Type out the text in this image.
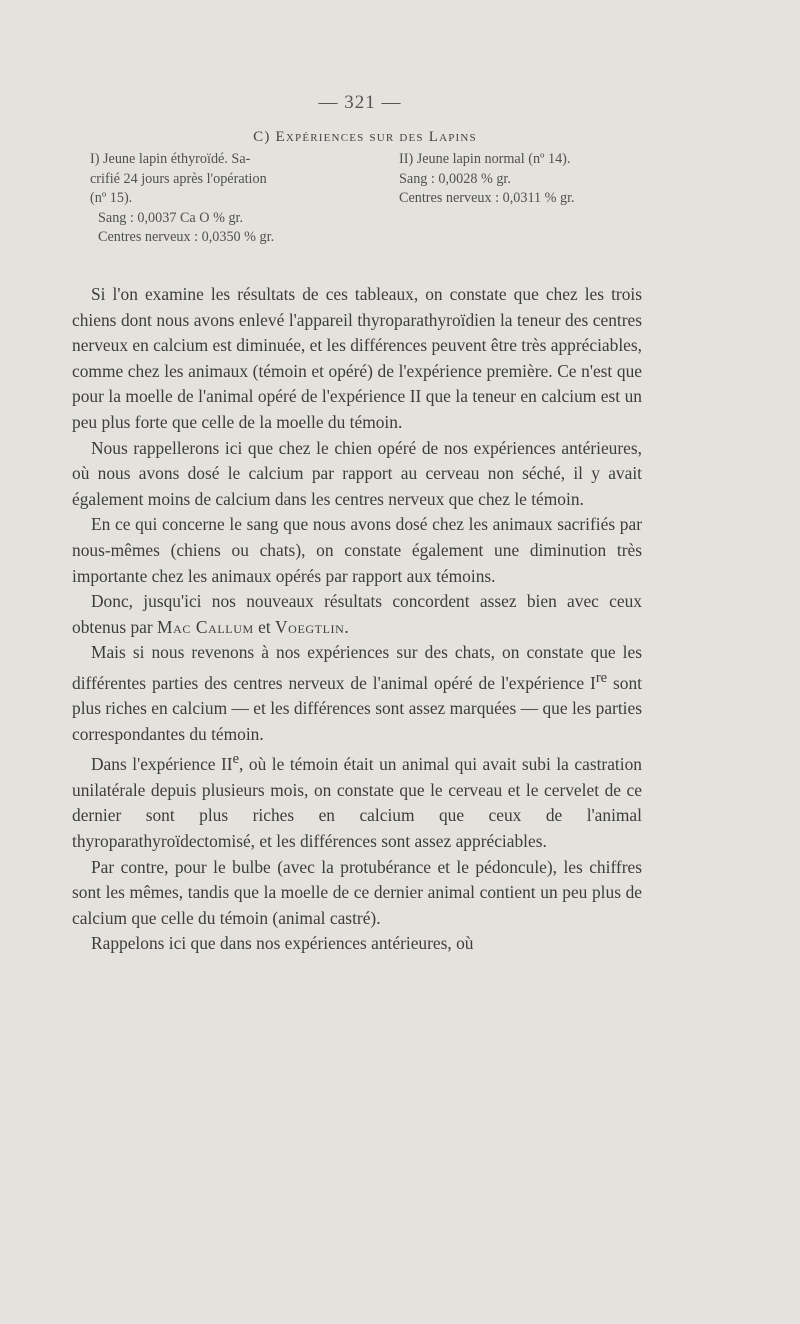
— 321 —
C) Expériences sur des Lapins
I) Jeune lapin éthyroïdé. Sa-
crifié 24 jours après l'opération
(nº 15).
Sang : 0,0037 Ca O % gr.
Centres nerveux : 0,0350 % gr.
II) Jeune lapin normal (nº 14).
Sang : 0,0028 % gr.
Centres nerveux : 0,0311 % gr.

Si l'on examine les résultats de ces tableaux, on constate que chez les trois chiens dont nous avons enlevé l'appareil thyroparathyroïdien la teneur des centres nerveux en calcium est diminuée, et les différences peuvent être très appréciables, comme chez les animaux (témoin et opéré) de l'expérience première. Ce n'est que pour la moelle de l'animal opéré de l'expérience II que la teneur en calcium est un peu plus forte que celle de la moelle du témoin.

Nous rappellerons ici que chez le chien opéré de nos expériences antérieures, où nous avons dosé le calcium par rapport au cerveau non séché, il y avait également moins de calcium dans les centres nerveux que chez le témoin.

En ce qui concerne le sang que nous avons dosé chez les animaux sacrifiés par nous-mêmes (chiens ou chats), on constate également une diminution très importante chez les animaux opérés par rapport aux témoins.

Donc, jusqu'ici nos nouveaux résultats concordent assez bien avec ceux obtenus par Mac Callum et Voegtlin.

Mais si nous revenons à nos expériences sur des chats, on constate que les différentes parties des centres nerveux de l'animal opéré de l'expérience Ire sont plus riches en calcium — et les différences sont assez marquées — que les parties correspondantes du témoin.

Dans l'expérience IIe, où le témoin était un animal qui avait subi la castration unilatérale depuis plusieurs mois, on constate que le cerveau et le cervelet de ce dernier sont plus riches en calcium que ceux de l'animal thyroparathyroïdectomisé, et les différences sont assez appréciables.

Par contre, pour le bulbe (avec la protubérance et le pédoncule), les chiffres sont les mêmes, tandis que la moelle de ce dernier animal contient un peu plus de calcium que celle du témoin (animal castré).

Rappelons ici que dans nos expériences antérieures, où
